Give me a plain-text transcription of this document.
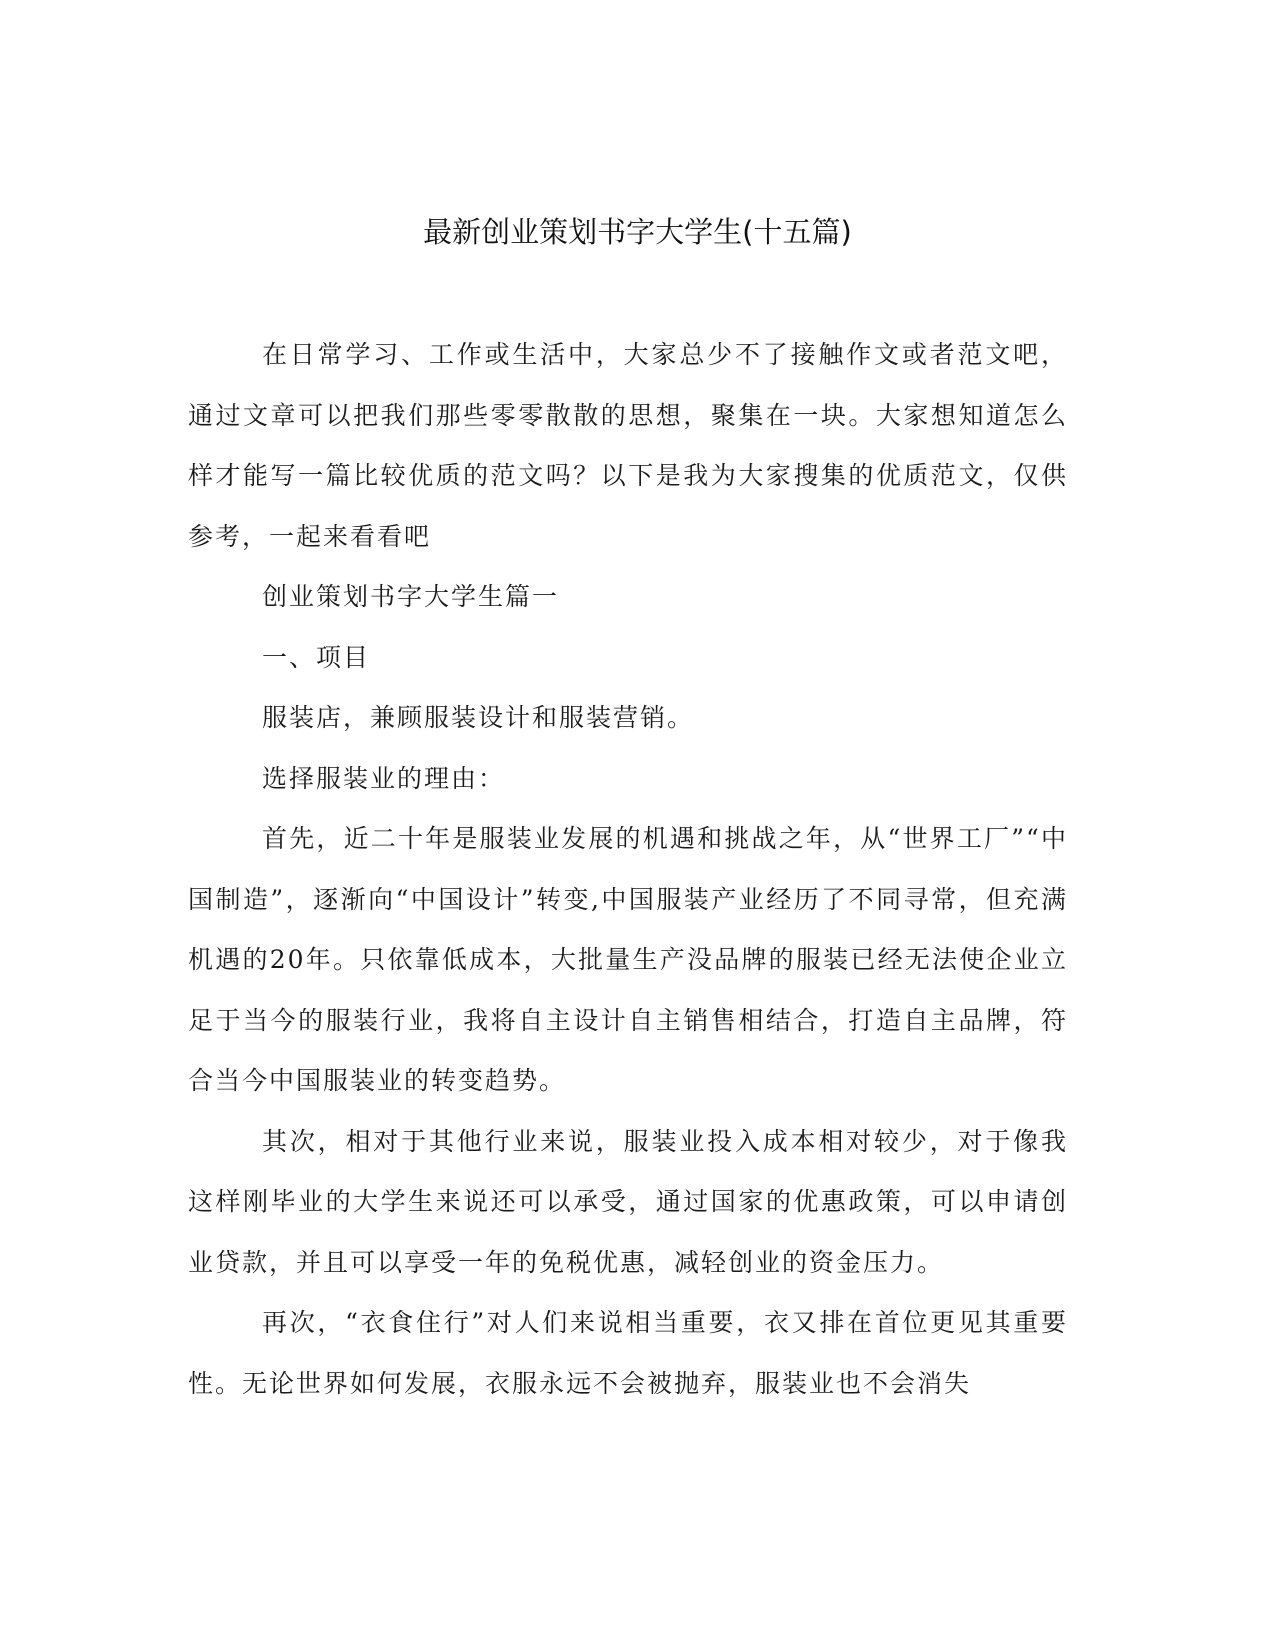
最新创业策划书字大学生(十五篇)

在日常学习、工作或生活中，大家总少不了接触作文或者范文吧，通过文章可以把我们那些零零散散的思想，聚集在一块。大家想知道怎么样才能写一篇比较优质的范文吗？以下是我为大家搜集的优质范文，仅供参考，一起来看看吧

创业策划书字大学生篇一

一、项目

服装店，兼顾服装设计和服装营销。

选择服装业的理由：

首先，近二十年是服装业发展的机遇和挑战之年，从“世界工厂”“中国制造”，逐渐向“中国设计”转变,中国服装产业经历了不同寻常，但充满机遇的20年。只依靠低成本，大批量生产没品牌的服装已经无法使企业立足于当今的服装行业，我将自主设计自主销售相结合，打造自主品牌，符合当今中国服装业的转变趋势。

其次，相对于其他行业来说，服装业投入成本相对较少，对于像我这样刚毕业的大学生来说还可以承受，通过国家的优惠政策，可以申请创业贷款，并且可以享受一年的免税优惠，减轻创业的资金压力。

再次，“衣食住行”对人们来说相当重要，衣又排在首位更见其重要性。无论世界如何发展，衣服永远不会被抛弃，服装业也不会消失
